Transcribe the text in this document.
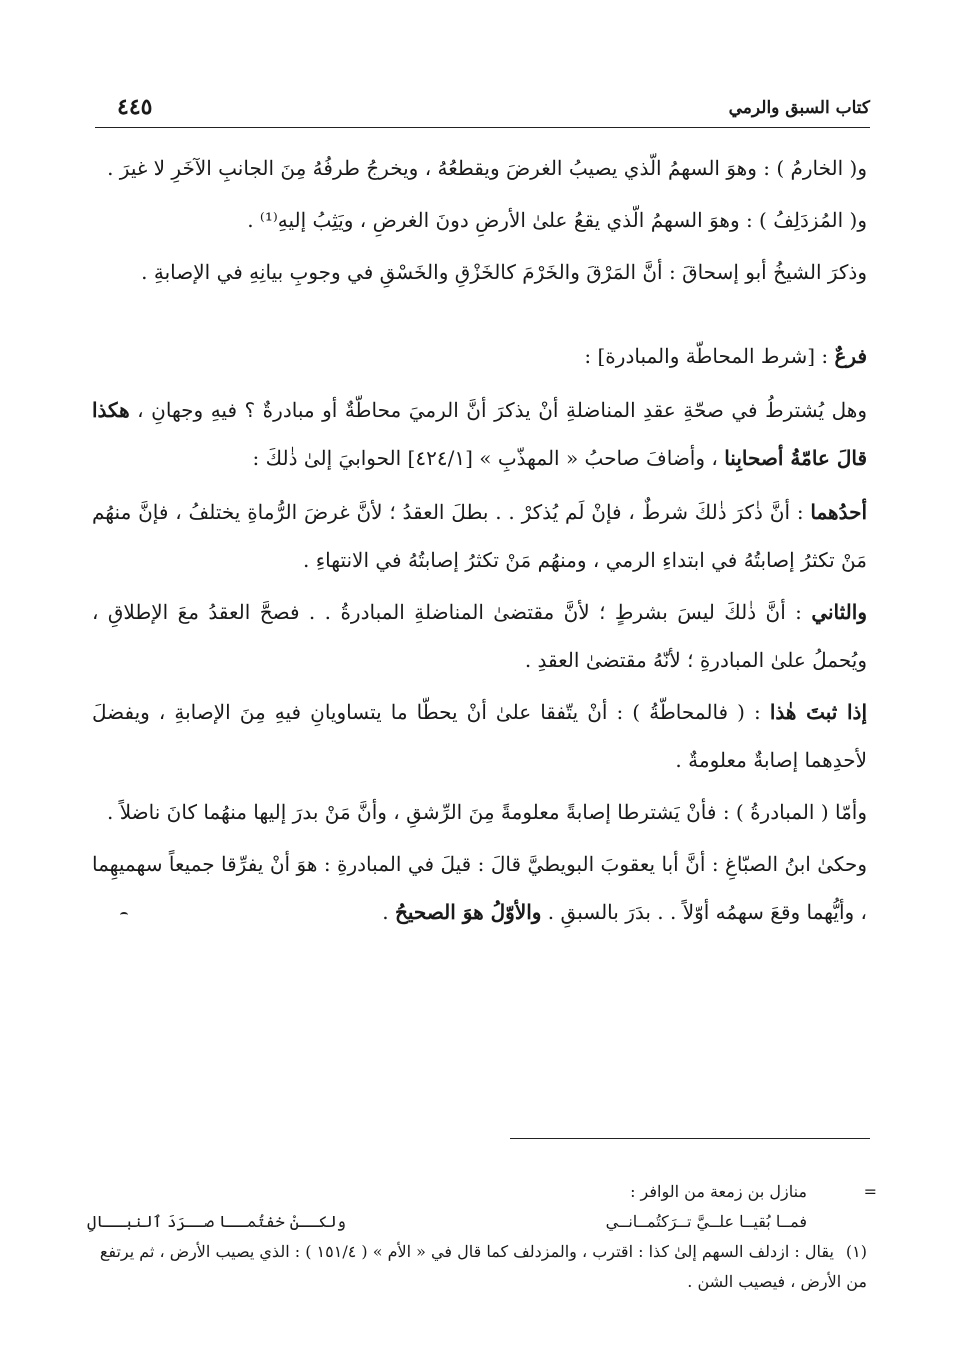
كتاب السبق والرمي
٤٤٥

و( الخارمُ ) : وهوَ السهمُ الّذي يصيبُ الغرضَ ويقطعُهُ ، ويخرجُ طرفُهُ مِنَ الجانبِ الآخَرِ لا غيرَ .

و( المُزدَلِفُ ) : وهوَ السهمُ الّذي يقعُ علىٰ الأرضِ دونَ الغرضِ ، ويَثِبُ إليهِ⁽¹⁾ .

وذكرَ الشيخُ أبو إسحاقَ : أنَّ المَرْقَ والخَرْمَ كالخَزْقِ والخَسْقِ في وجوبِ بيانِهِ في الإصابةِ .

فرعٌ : [شرط المحاطّة والمبادرة] :

وهل يُشترطُ في صحّةِ عقدِ المناضلةِ أنْ يذكرَ أنَّ الرميَ محاطّةٌ أو مبادرةٌ ؟ فيهِ وجهانِ ، هكذا قالَ عامّةُ أصحابِنا ، وأضافَ صاحبُ « المهذّبِ » [٤٢٤/١] الحوابيَ إلىٰ ذٰلكَ :

أحدُهما : أنَّ ذٰكرَ ذٰلكَ شرطٌ ، فإنْ لَم يُذكرْ . . بطلَ العقدُ ؛ لأنَّ غرضَ الرُّماةِ يختلفُ ، فإنَّ منهُم مَنْ تكثرُ إصابتُهُ في ابتداءِ الرمي ، ومنهُم مَنْ تكثرُ إصابتُهُ في الانتهاءِ .

والثاني : أنَّ ذٰلكَ ليسَ بشرطٍ ؛ لأنَّ مقتضىٰ المناضلةِ المبادرةُ . . فصحَّ العقدُ معَ الإطلاقِ ، ويُحملُ علىٰ المبادرةِ ؛ لأنّهُ مقتضىٰ العقدِ .

إذا ثبتَ هٰذا : ( فالمحاطّةُ ) : أنْ يتّفقا علىٰ أنْ يحطّا ما يتساويانِ فيهِ مِنَ الإصابةِ ، ويفضلَ لأحدِهما إصابةٌ معلومةٌ .

وأمّا ( المبادرةُ ) : فأنْ يَشترطا إصابةً معلومةً مِنَ الرِّشقِ ، وأنَّ مَنْ بدرَ إليها منهُما كانَ ناضلاً .

وحكىٰ ابنُ الصبّاغِ : أنَّ أبا يعقوبَ البويطيَّ قالَ : قيلَ في المبادرةِ : هوَ أنْ يفرِّقا جميعاً سهميهِما ، وأيُّهما وقعَ سهمُه أوّلاً . . بدَرَ بالسبقِ . والأوّلُ هوَ الصحيحُ .

=
منازل بن زمعة من الوافر :

فمــا بُقيــا علــيَّ تــرَكتُمــانــي
ولكــنْ خفتُمــا صــرَدَ ٱلنبــالِ

(١)يقال : ازدلف السهم إلىٰ كذا : اقترب ، والمزدلف كما قال في « الأم » ( ١٥١/٤ ) : الذي يصيب الأرض ، ثم يرتفع من الأرض ، فيصيب الشن .
